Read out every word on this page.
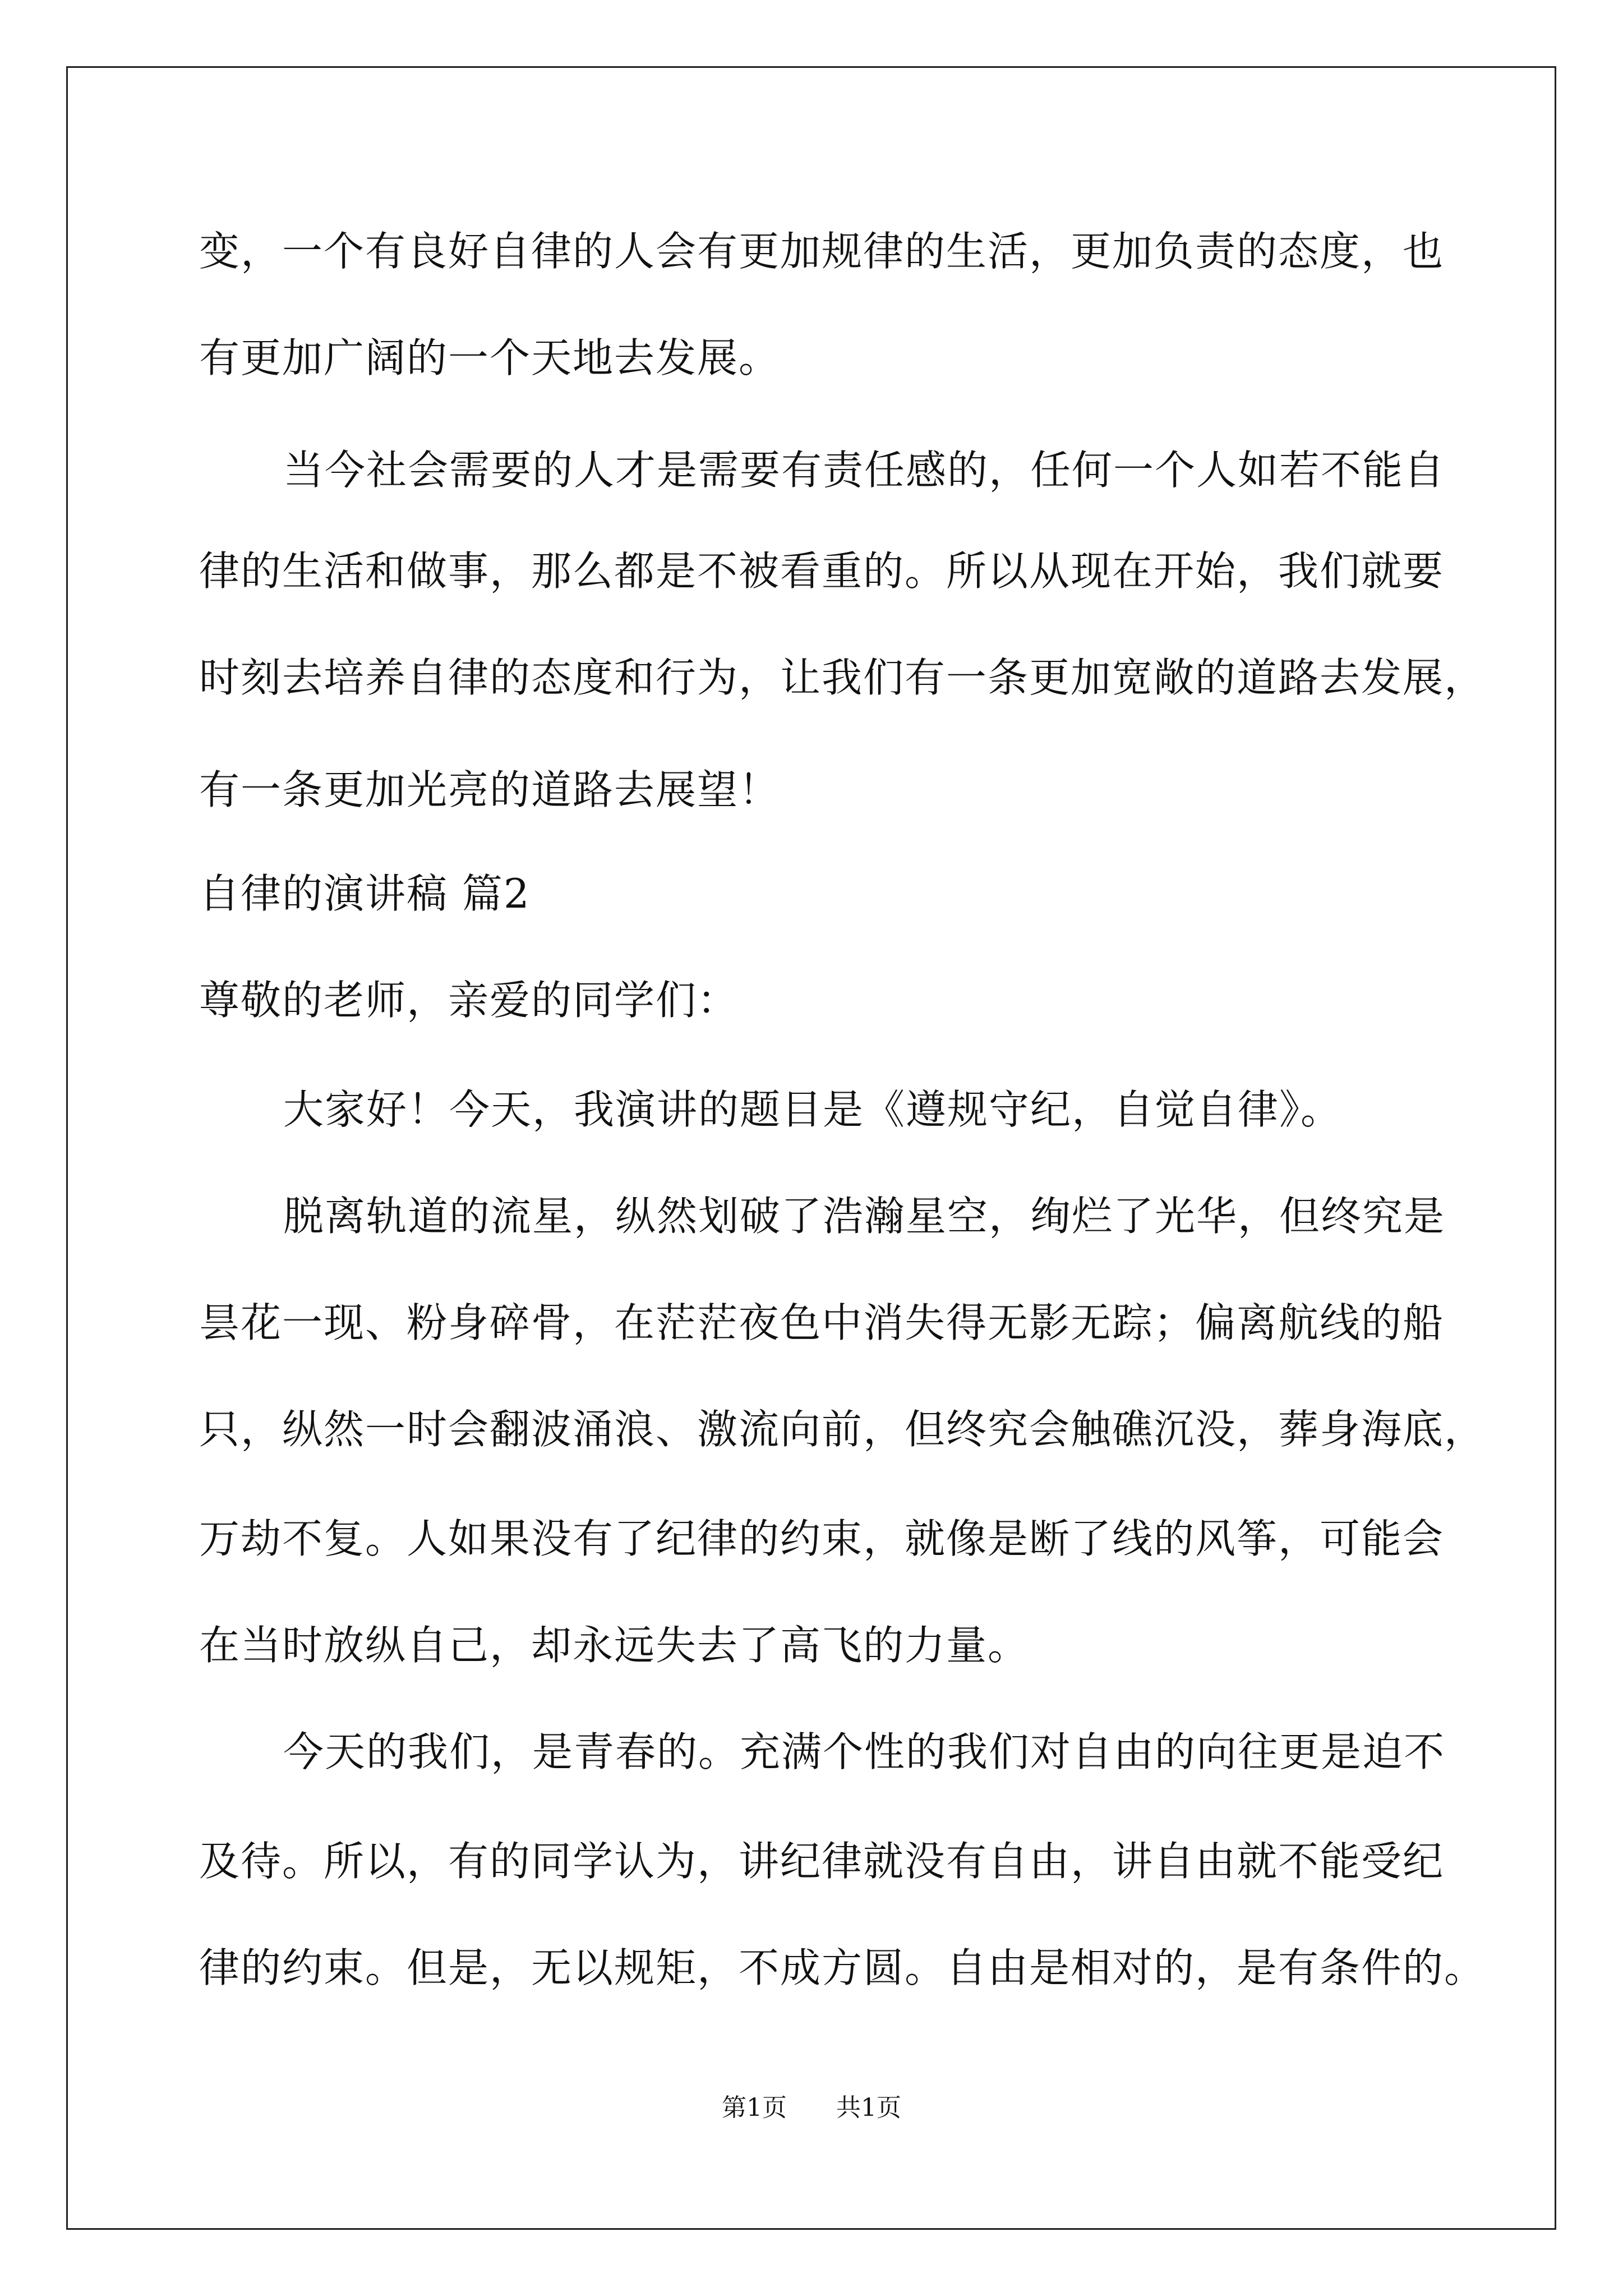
变，一个有良好自律的人会有更加规律的生活，更加负责的态度，也
有更加广阔的一个天地去发展。
当今社会需要的人才是需要有责任感的，任何一个人如若不能自
律的生活和做事，那么都是不被看重的。所以从现在开始，我们就要
时刻去培养自律的态度和行为，让我们有一条更加宽敞的道路去发展，
有一条更加光亮的道路去展望！
自律的演讲稿 篇2
尊敬的老师，亲爱的同学们：
大家好！今天，我演讲的题目是《遵规守纪，自觉自律》。
脱离轨道的流星，纵然划破了浩瀚星空，绚烂了光华，但终究是
昙花一现、粉身碎骨，在茫茫夜色中消失得无影无踪；偏离航线的船
只，纵然一时会翻波涌浪、激流向前，但终究会触礁沉没，葬身海底，
万劫不复。人如果没有了纪律的约束，就像是断了线的风筝，可能会
在当时放纵自己，却永远失去了高飞的力量。
今天的我们，是青春的。充满个性的我们对自由的向往更是迫不
及待。所以，有的同学认为，讲纪律就没有自由，讲自由就不能受纪
律的约束。但是，无以规矩，不成方圆。自由是相对的，是有条件的。
第1页 共1页
